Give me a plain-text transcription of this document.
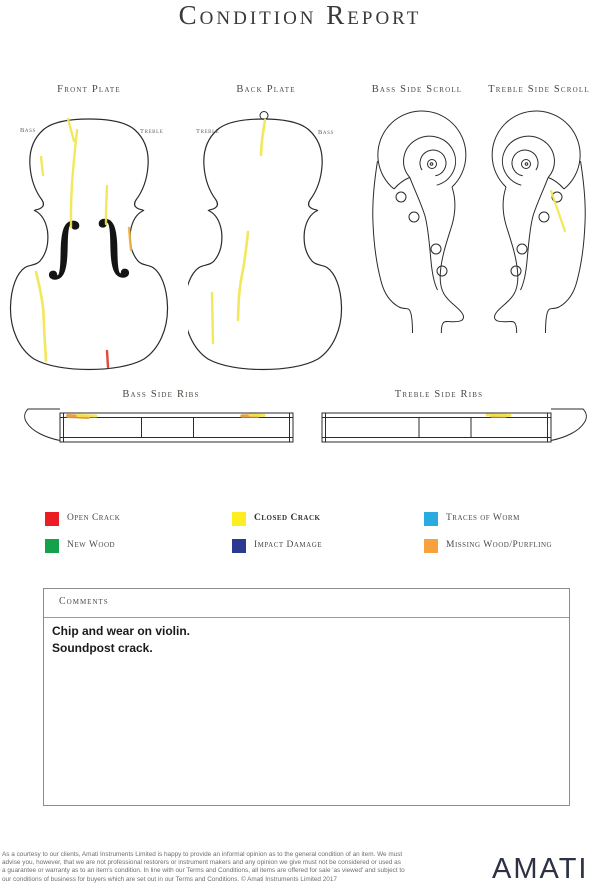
Condition Report
Front Plate	Back Plate	Bass Side Scroll	Treble Side Scroll
Bass	Treble	Treble	Bass
∫ ∫
Bass Side Ribs	Treble Side Ribs
Open Crack	Closed Crack	Traces of Worm
New Wood	Impact Damage	Missing Wood/Purfling
Comments
Chip and wear on violin.
Soundpost crack.
As a courtesy to our clients, Amati Instruments Limited is happy to provide an informal opinion as to the general condition of an item. We must
advise you, however, that we are not professional restorers or instrument makers and any opinion we give must not be considered or used as
a guarantee or warranty as to an item's condition. In line with our Terms and Conditions, all items are offered for sale 'as viewed' and subject to
our conditions of business for buyers which are set out in our Terms and Conditions. © Amati Instruments Limited 2017	AMATI
